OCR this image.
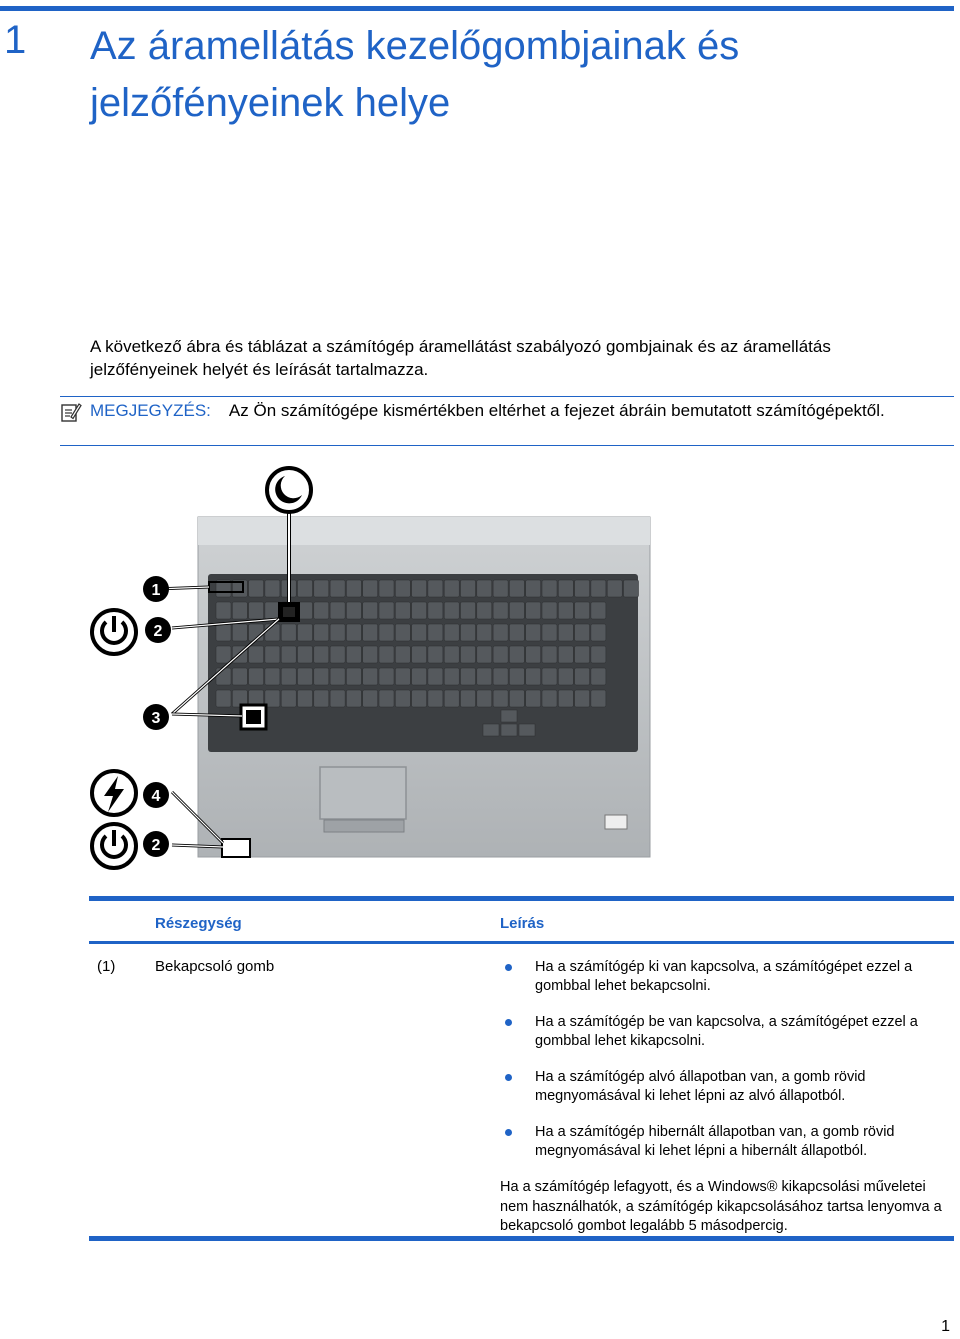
1 Az áramellátás kezelőgombjainak és jelzőfényeinek helye
A következő ábra és táblázat a számítógép áramellátást szabályozó gombjainak és az áramellátás jelzőfényeinek helyét és leírását tartalmazza.
MEGJEGYZÉS: Az Ön számítógépe kismértékben eltérhet a fejezet ábráin bemutatott számítógépektől.
1
2
3
4
2
Részegység	Leírás
(1)	Bekapcsoló gomb	Ha a számítógép ki van kapcsolva, a számítógépet ezzel a gombbal lehet bekapcsolni.
Ha a számítógép be van kapcsolva, a számítógépet ezzel a gombbal lehet kikapcsolni.
Ha a számítógép alvó állapotban van, a gomb rövid megnyomásával ki lehet lépni az alvó állapotból.
Ha a számítógép hibernált állapotban van, a gomb rövid megnyomásával ki lehet lépni a hibernált állapotból.
Ha a számítógép lefagyott, és a Windows® kikapcsolási műveletei nem használhatók, a számítógép kikapcsolásához tartsa lenyomva a bekapcsoló gombot legalább 5 másodpercig.
1
